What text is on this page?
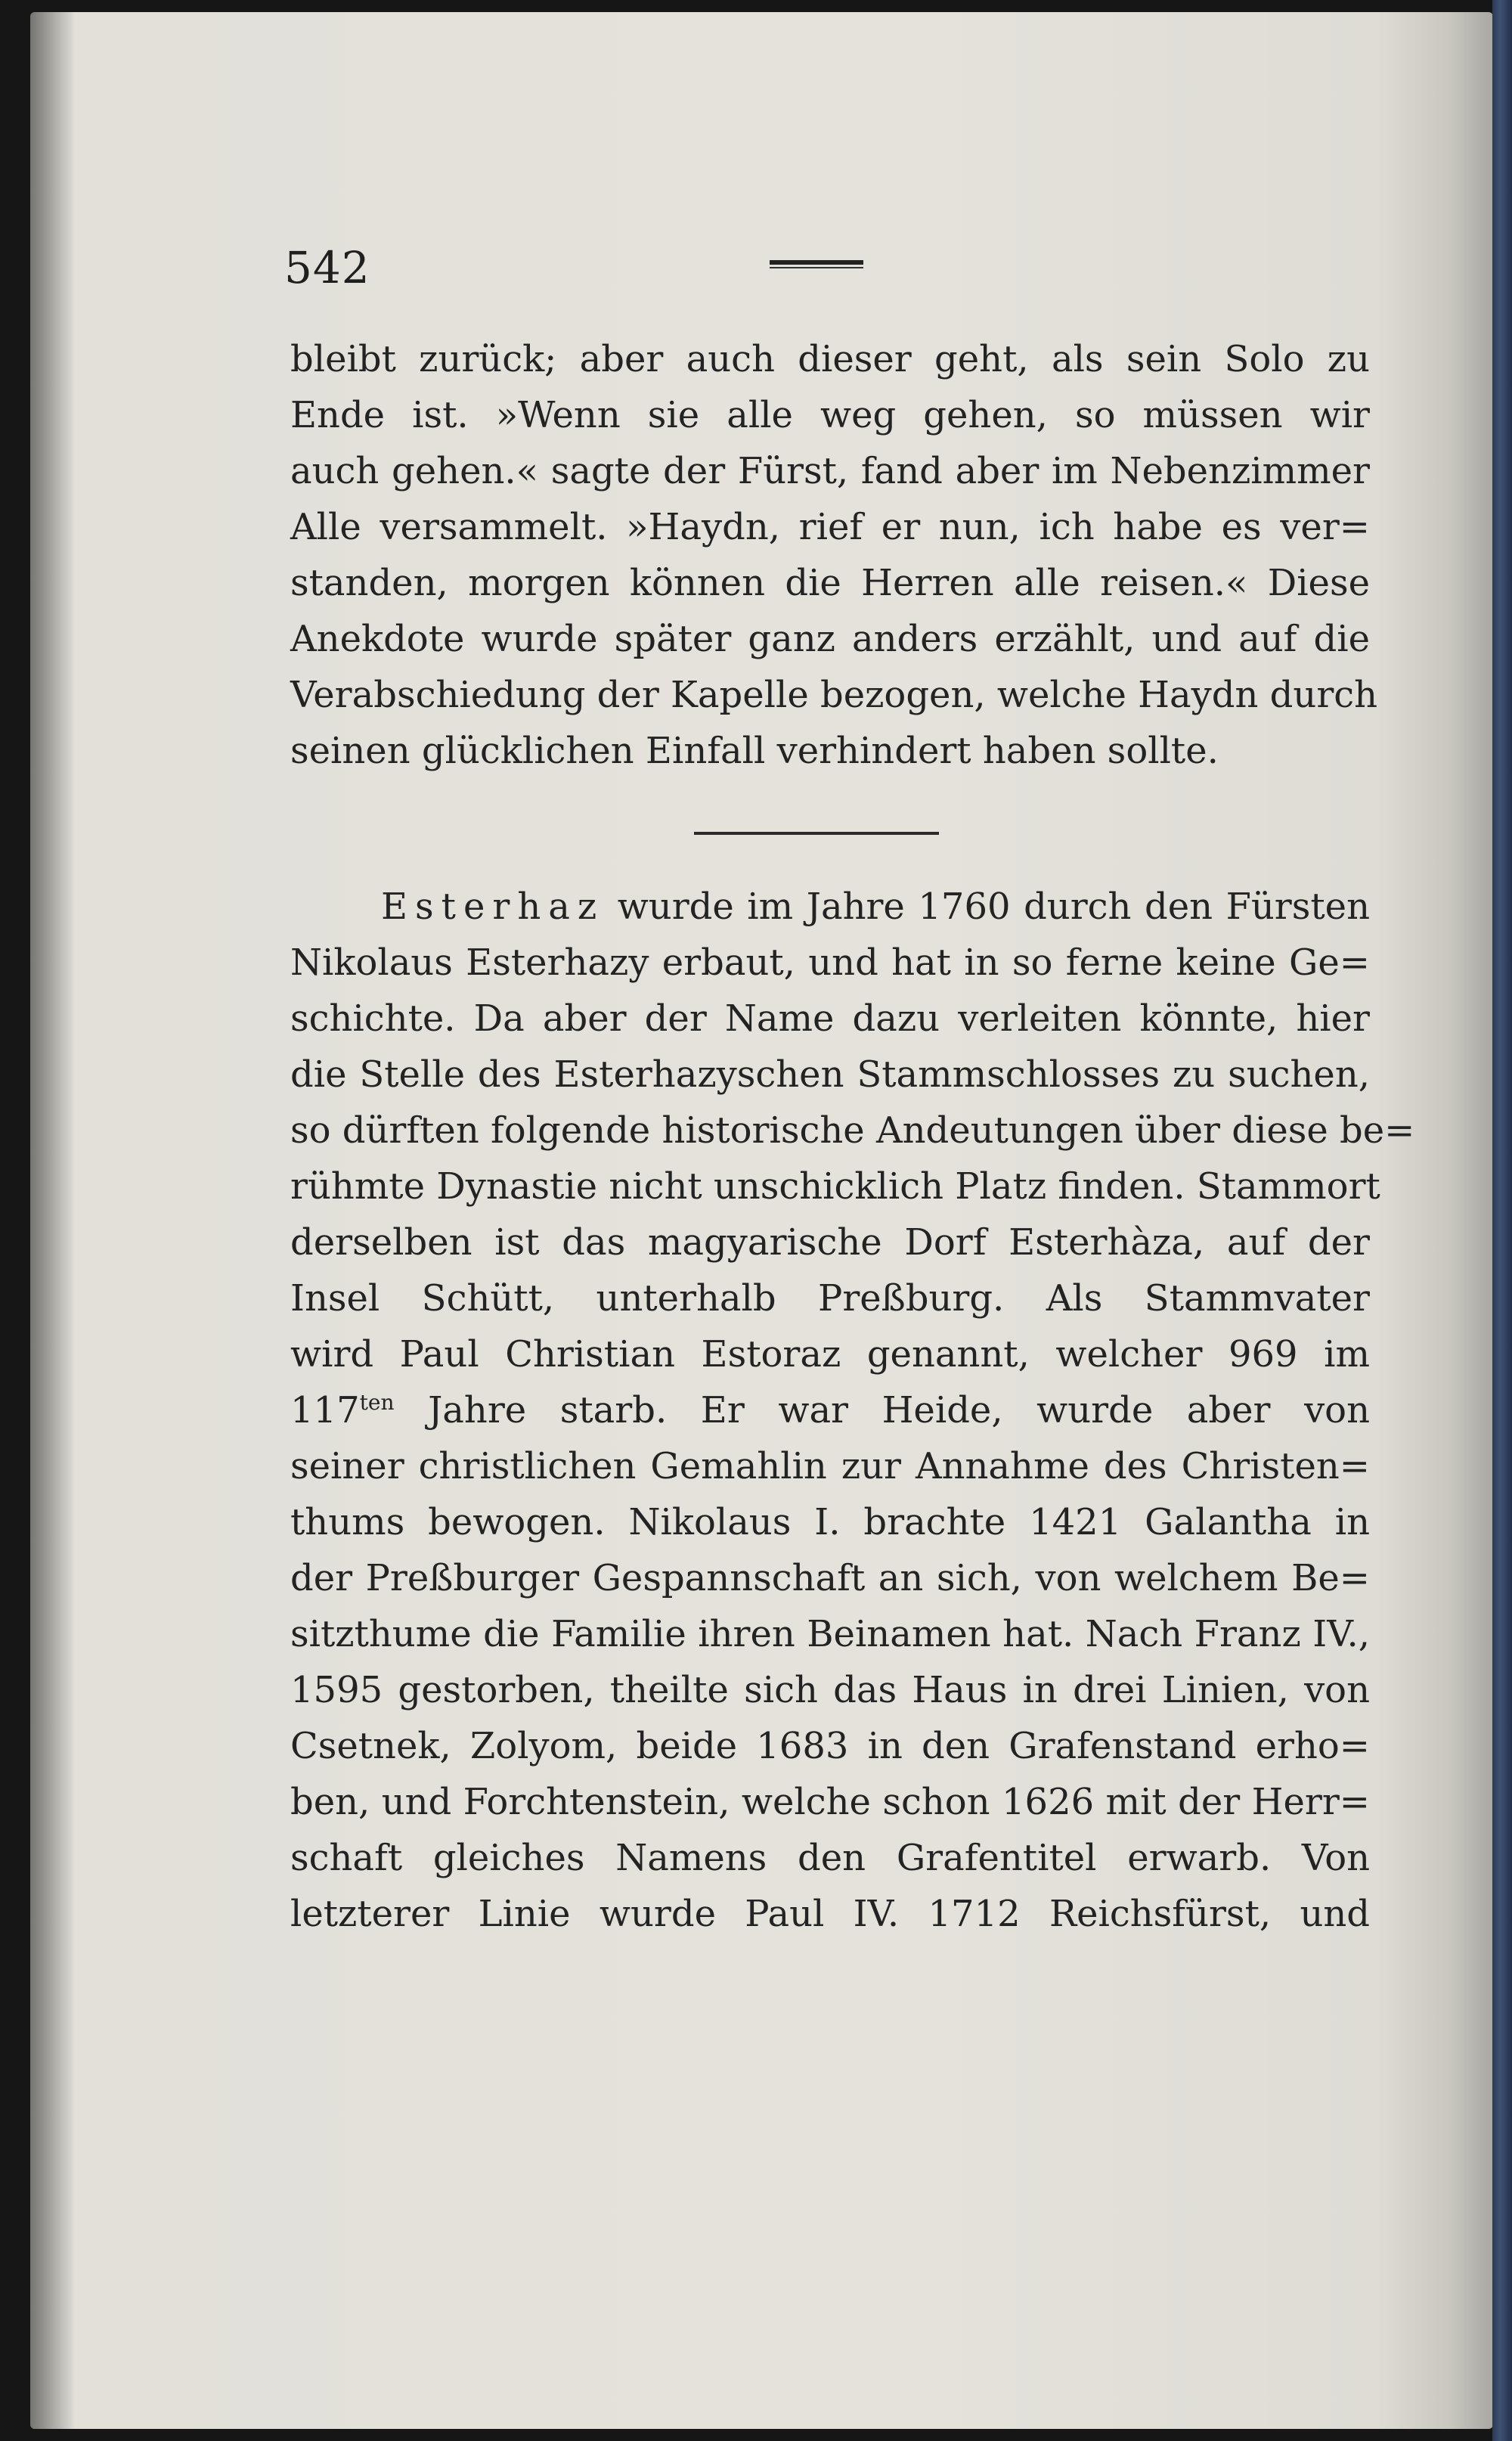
542
bleibt zurück; aber auch dieser geht, als sein Solo zu
Ende ist. »Wenn sie alle weg gehen, so müssen wir
auch gehen.« sagte der Fürst, fand aber im Nebenzimmer
Alle versammelt. »Haydn, rief er nun, ich habe es ver=
standen, morgen können die Herren alle reisen.« Diese
Anekdote wurde später ganz anders erzählt, und auf die
Verabschiedung der Kapelle bezogen, welche Haydn durch
seinen glücklichen Einfall verhindert haben sollte.
Esterhaz wurde im Jahre 1760 durch den Fürsten
Nikolaus Esterhazy erbaut, und hat in so ferne keine Ge=
schichte. Da aber der Name dazu verleiten könnte, hier
die Stelle des Esterhazyschen Stammschlosses zu suchen,
so dürften folgende historische Andeutungen über diese be=
rühmte Dynastie nicht unschicklich Platz finden. Stammort
derselben ist das magyarische Dorf Esterhàza, auf der
Insel Schütt, unterhalb Preßburg. Als Stammvater
wird Paul Christian Estoraz genannt, welcher 969 im
$117^{ten}$ Jahre starb. Er war Heide, wurde aber von
seiner christlichen Gemahlin zur Annahme des Christen=
thums bewogen. Nikolaus I. brachte 1421 Galantha in
der Preßburger Gespannschaft an sich, von welchem Be=
sitzthume die Familie ihren Beinamen hat. Nach Franz IV.,
1595 gestorben, theilte sich das Haus in drei Linien, von
Csetnek, Zolyom, beide 1683 in den Grafenstand erho=
ben, und Forchtenstein, welche schon 1626 mit der Herr=
schaft gleiches Namens den Grafentitel erwarb. Von
letzterer Linie wurde Paul IV. 1712 Reichsfürst, und
